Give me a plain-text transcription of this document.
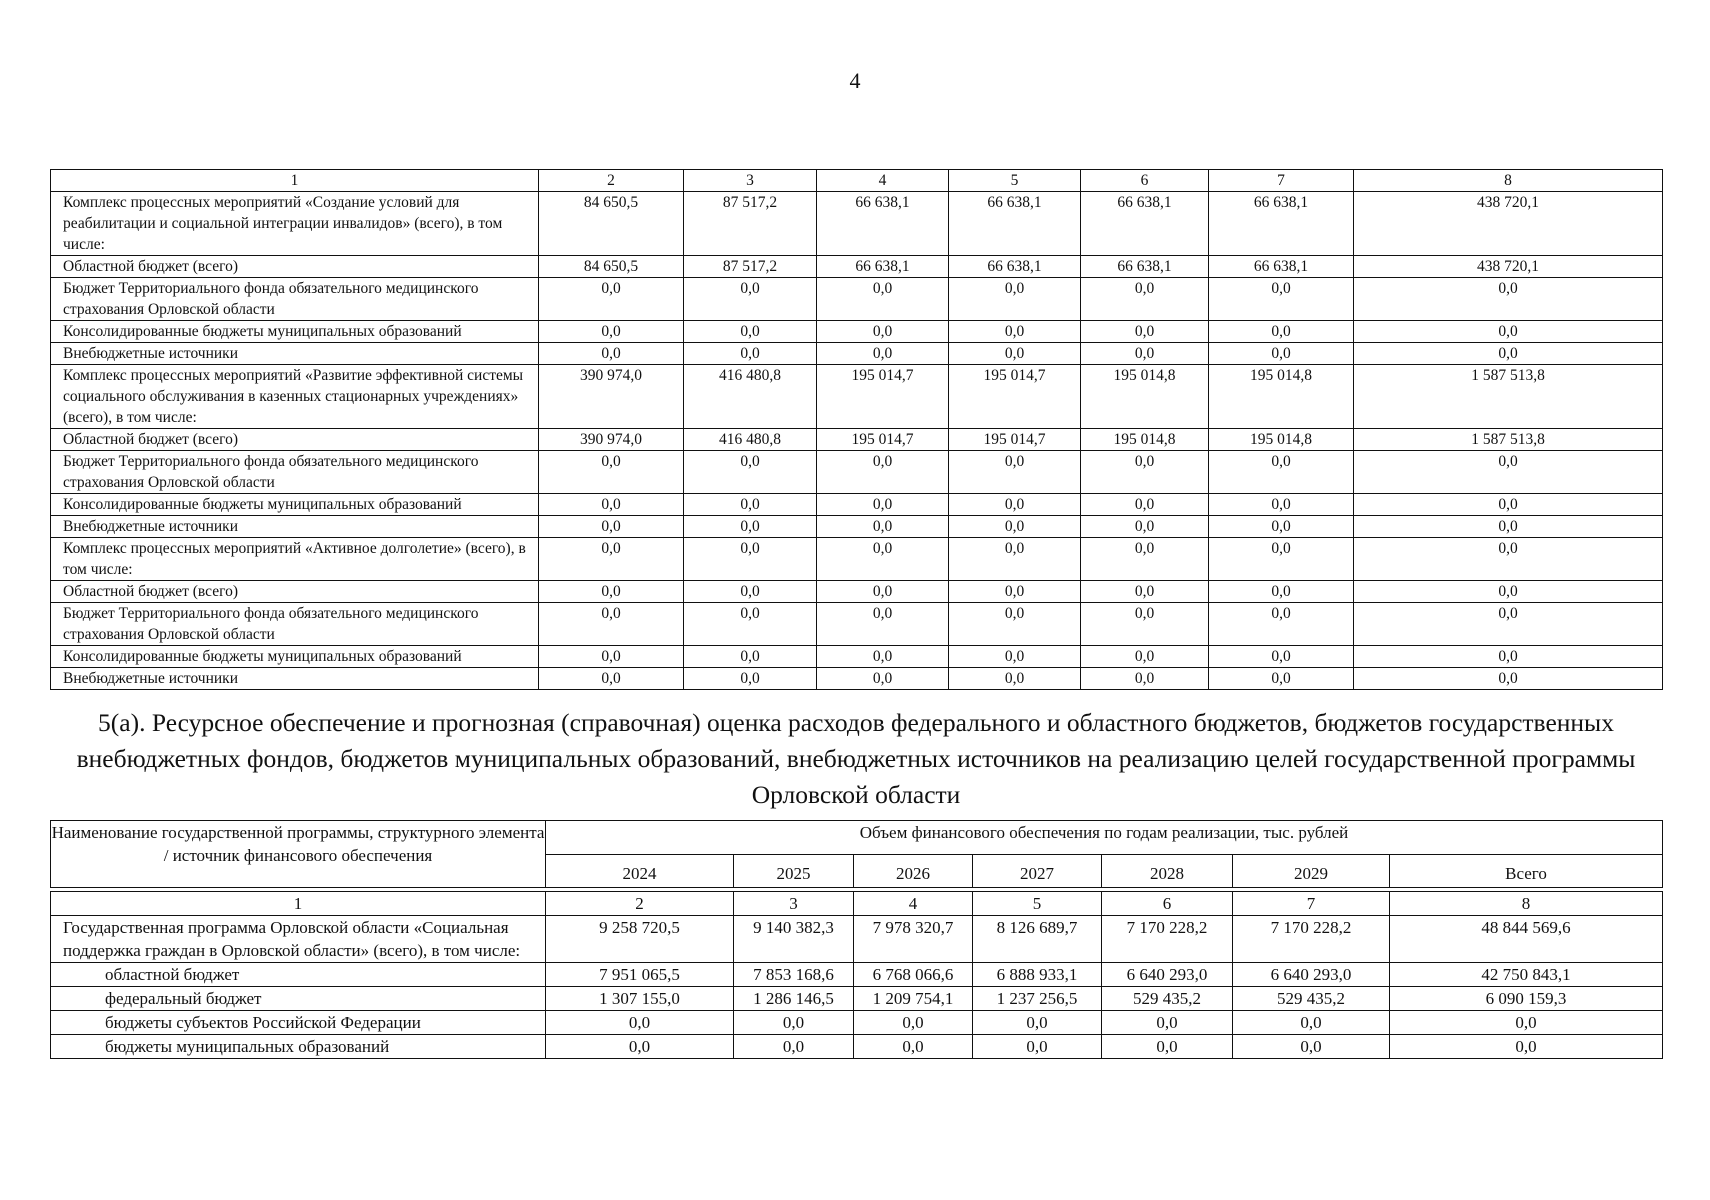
4
1	2	3	4	5	6	7	8
Комплекс процессных мероприятий «Создание условий для реабилитации и социальной интеграции инвалидов» (всего), в том числе:	84 650,5	87 517,2	66 638,1	66 638,1	66 638,1	66 638,1	438 720,1
Областной бюджет (всего)	84 650,5	87 517,2	66 638,1	66 638,1	66 638,1	66 638,1	438 720,1
Бюджет Территориального фонда обязательного медицинского страхования Орловской области	0,0	0,0	0,0	0,0	0,0	0,0	0,0
Консолидированные бюджеты муниципальных образований	0,0	0,0	0,0	0,0	0,0	0,0	0,0
Внебюджетные источники	0,0	0,0	0,0	0,0	0,0	0,0	0,0
Комплекс процессных мероприятий «Развитие эффективной системы социального обслуживания в казенных стационарных учреждениях» (всего), в том числе:	390 974,0	416 480,8	195 014,7	195 014,7	195 014,8	195 014,8	1 587 513,8
Областной бюджет (всего)	390 974,0	416 480,8	195 014,7	195 014,7	195 014,8	195 014,8	1 587 513,8
Бюджет Территориального фонда обязательного медицинского страхования Орловской области	0,0	0,0	0,0	0,0	0,0	0,0	0,0
Консолидированные бюджеты муниципальных образований	0,0	0,0	0,0	0,0	0,0	0,0	0,0
Внебюджетные источники	0,0	0,0	0,0	0,0	0,0	0,0	0,0
Комплекс процессных мероприятий «Активное долголетие» (всего), в том числе:	0,0	0,0	0,0	0,0	0,0	0,0	0,0
Областной бюджет (всего)	0,0	0,0	0,0	0,0	0,0	0,0	0,0
Бюджет Территориального фонда обязательного медицинского страхования Орловской области	0,0	0,0	0,0	0,0	0,0	0,0	0,0
Консолидированные бюджеты муниципальных образований	0,0	0,0	0,0	0,0	0,0	0,0	0,0
Внебюджетные источники	0,0	0,0	0,0	0,0	0,0	0,0	0,0
5(а). Ресурсное обеспечение и прогнозная (справочная) оценка расходов федерального и областного бюджетов, бюджетов государственных внебюджетных фондов, бюджетов муниципальных образований, внебюджетных источников на реализацию целей государственной программы Орловской области
Наименование государственной программы, структурного элемента / источник финансового обеспечения	Объем финансового обеспечения по годам реализации, тыс. рублей						
	2024	2025	2026	2027	2028	2029	Всего

1	2	3	4	5	6	7	8
Государственная программа Орловской области «Социальная поддержка граждан в Орловской области» (всего), в том числе:	9 258 720,5	9 140 382,3	7 978 320,7	8 126 689,7	7 170 228,2	7 170 228,2	48 844 569,6
областной бюджет	7 951 065,5	7 853 168,6	6 768 066,6	6 888 933,1	6 640 293,0	6 640 293,0	42 750 843,1
федеральный бюджет	1 307 155,0	1 286 146,5	1 209 754,1	1 237 256,5	529 435,2	529 435,2	6 090 159,3
бюджеты субъектов Российской Федерации	0,0	0,0	0,0	0,0	0,0	0,0	0,0
бюджеты муниципальных образований	0,0	0,0	0,0	0,0	0,0	0,0	0,0
